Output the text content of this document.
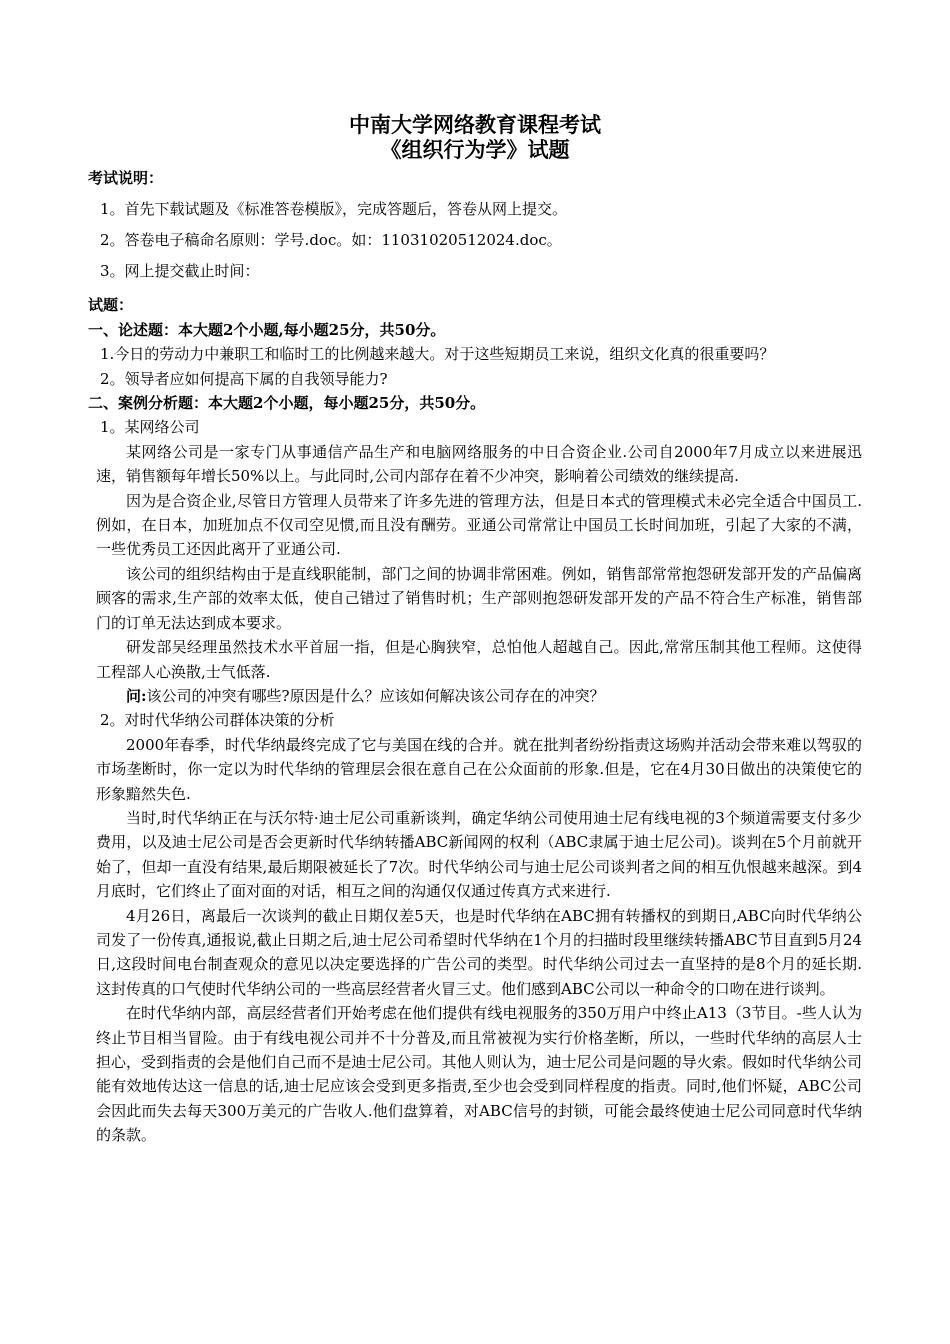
中南大学网络教育课程考试
《组织行为学》试题
考试说明：
1。首先下载试题及《标准答卷模版》，完成答题后，答卷从网上提交。
2。答卷电子稿命名原则：学号.doc。如：11031020512024.doc。
3。网上提交截止时间：
试题：
一、论述题：本大题2个小题,每小题25分，共50分。
1.今日的劳动力中兼职工和临时工的比例越来越大。对于这些短期员工来说，组织文化真的很重要吗？
2。领导者应如何提高下属的自我领导能力?
二、案例分析题：本大题2个小题，每小题25分，共50分。
1。某网络公司
某网络公司是一家专门从事通信产品生产和电脑网络服务的中日合资企业.公司自2000年7月成立以来进展迅速，销售额每年增长50%以上。与此同时,公司内部存在着不少冲突，影响着公司绩效的继续提高.
因为是合资企业,尽管日方管理人员带来了许多先进的管理方法，但是日本式的管理模式未必完全适合中国员工.例如，在日本，加班加点不仅司空见惯,而且没有酬劳。亚通公司常常让中国员工长时间加班，引起了大家的不满，一些优秀员工还因此离开了亚通公司.
该公司的组织结构由于是直线职能制，部门之间的协调非常困难。例如，销售部常常抱怨研发部开发的产品偏离顾客的需求,生产部的效率太低，使自己错过了销售时机；生产部则抱怨研发部开发的产品不符合生产标准，销售部门的订单无法达到成本要求。
研发部吴经理虽然技术水平首屈一指，但是心胸狭窄，总怕他人超越自己。因此,常常压制其他工程师。这使得工程部人心涣散,士气低落.
问:该公司的冲突有哪些?原因是什么？应该如何解决该公司存在的冲突？
2。对时代华纳公司群体决策的分析
2000年春季，时代华纳最终完成了它与美国在线的合并。就在批判者纷纷指责这场购并活动会带来难以驾驭的市场垄断时，你一定以为时代华纳的管理层会很在意自己在公众面前的形象.但是，它在4月30日做出的决策使它的形象黯然失色.
当时,时代华纳正在与沃尔特·迪士尼公司重新谈判，确定华纳公司使用迪士尼有线电视的3个频道需要支付多少费用，以及迪士尼公司是否会更新时代华纳转播ABC新闻网的权利（ABC隶属于迪士尼公司)。谈判在5个月前就开始了，但却一直没有结果,最后期限被延长了7次。时代华纳公司与迪士尼公司谈判者之间的相互仇恨越来越深。到4月底时，它们终止了面对面的对话，相互之间的沟通仅仅通过传真方式来进行.
4月26日，离最后一次谈判的截止日期仅差5天，也是时代华纳在ABC拥有转播权的到期日,ABC向时代华纳公司发了一份传真,通报说,截止日期之后,迪士尼公司希望时代华纳在1个月的扫描时段里继续转播ABC节目直到5月24日,这段时间电台制查观众的意见以决定要选择的广告公司的类型。时代华纳公司过去一直坚持的是8个月的延长期.这封传真的口气使时代华纳公司的一些高层经营者火冒三丈。他们感到ABC公司以一种命令的口吻在进行谈判。
在时代华纳内部，高层经营者们开始考虑在他们提供有线电视服务的350万用户中终止A13（3节目。-些人认为终止节目相当冒险。由于有线电视公司并不十分普及,而且常被视为实行价格垄断，所以，一些时代华纳的高层人士担心，受到指责的会是他们自己而不是迪士尼公司。其他人则认为，迪士尼公司是问题的导火索。假如时代华纳公司能有效地传达这一信息的话,迪士尼应该会受到更多指责,至少也会受到同样程度的指责。同时,他们怀疑，ABC公司会因此而失去每天300万美元的广告收人.他们盘算着，对ABC信号的封锁，可能会最终使迪士尼公司同意时代华纳的条款。
